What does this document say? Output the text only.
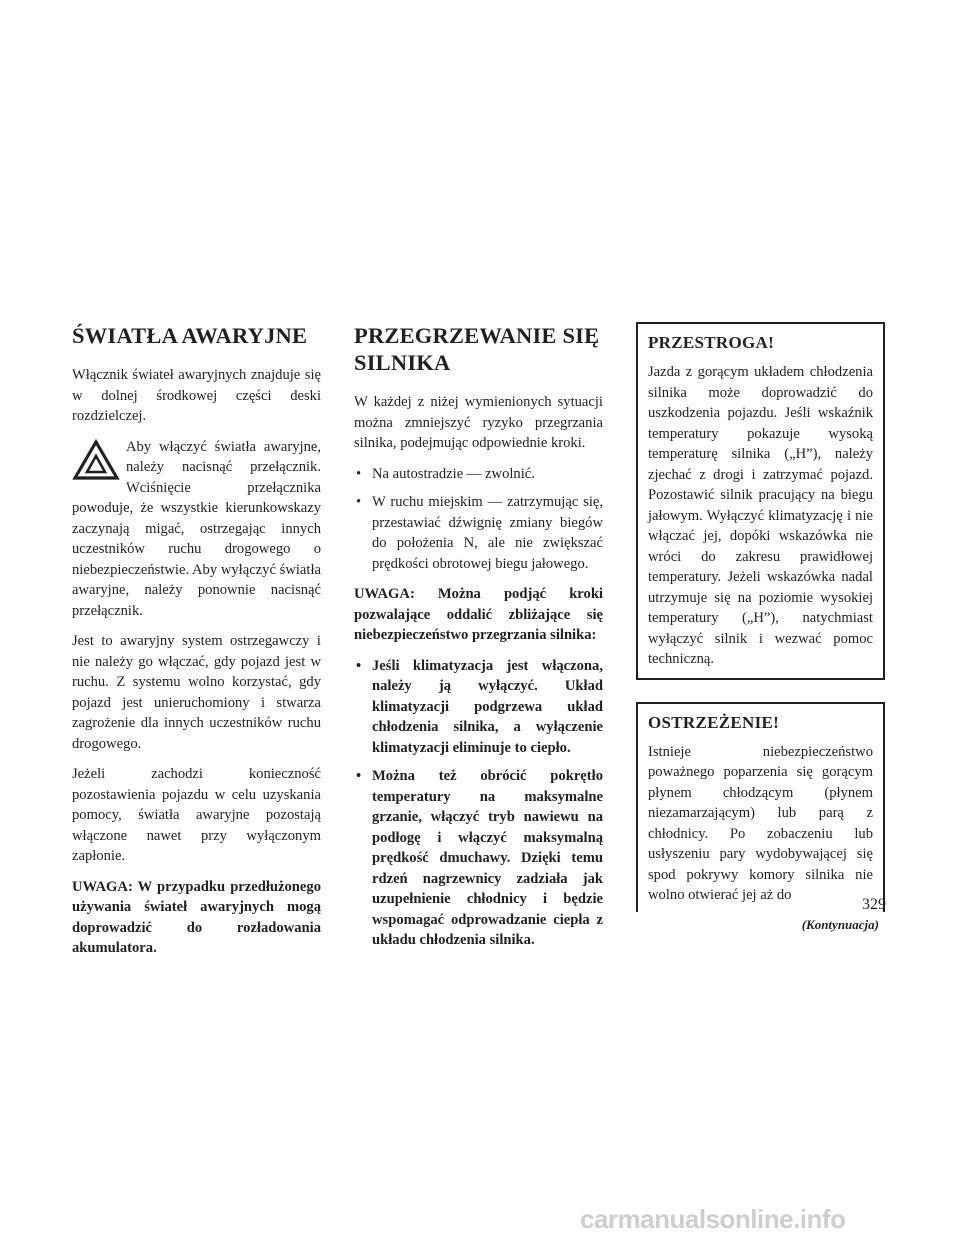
ŚWIATŁA AWARYJNE

Włącznik świateł awaryjnych znajduje się w dolnej środkowej części deski rozdzielczej.

Aby włączyć światła awaryjne, należy nacisnąć przełącznik. Wciśnięcie przełącznika powoduje, że wszystkie kierunkowskazy zaczynają migać, ostrzegając innych uczestników ruchu drogowego o niebezpieczeństwie. Aby wyłączyć światła awaryjne, należy ponownie nacisnąć przełącznik.

Jest to awaryjny system ostrzegawczy i nie należy go włączać, gdy pojazd jest w ruchu. Z systemu wolno korzystać, gdy pojazd jest unieruchomiony i stwarza zagrożenie dla innych uczestników ruchu drogowego.

Jeżeli zachodzi konieczność pozostawienia pojazdu w celu uzyskania pomocy, światła awaryjne pozostają włączone nawet przy wyłączonym zapłonie.

UWAGA: W przypadku przedłużonego używania świateł awaryjnych mogą doprowadzić do rozładowania akumulatora.

PRZEGRZEWANIE SIĘ SILNIKA

W każdej z niżej wymienionych sytuacji można zmniejszyć ryzyko przegrzania silnika, podejmując odpowiednie kroki.

• Na autostradzie — zwolnić.
• W ruchu miejskim — zatrzymując się, przestawiać dźwignię zmiany biegów do położenia N, ale nie zwiększać prędkości obrotowej biegu jałowego.

UWAGA: Można podjąć kroki pozwalające oddalić zbliżające się niebezpieczeństwo przegrzania silnika:

• Jeśli klimatyzacja jest włączona, należy ją wyłączyć. Układ klimatyzacji podgrzewa układ chłodzenia silnika, a wyłączenie klimatyzacji eliminuje to ciepło.
• Można też obrócić pokrętło temperatury na maksymalne grzanie, włączyć tryb nawiewu na podłogę i włączyć maksymalną prędkość dmuchawy. Dzięki temu rdzeń nagrzewnicy zadziała jak uzupełnienie chłodnicy i będzie wspomagać odprowadzanie ciepła z układu chłodzenia silnika.
PRZESTROGA!

Jazda z gorącym układem chłodzenia silnika może doprowadzić do uszkodzenia pojazdu. Jeśli wskaźnik temperatury pokazuje wysoką temperaturę silnika („H”), należy zjechać z drogi i zatrzymać pojazd. Pozostawić silnik pracujący na biegu jałowym. Wyłączyć klimatyzację i nie włączać jej, dopóki wskazówka nie wróci do zakresu prawidłowej temperatury. Jeżeli wskazówka nadal utrzymuje się na poziomie wysokiej temperatury („H”), natychmiast wyłączyć silnik i wezwać pomoc techniczną.

OSTRZEŻENIE!

Istnieje niebezpieczeństwo poważnego poparzenia się gorącym płynem chłodzącym (płynem niezamarzającym) lub parą z chłodnicy. Po zobaczeniu lub usłyszeniu pary wydobywającej się spod pokrywy komory silnika nie wolno otwierać jej aż do

(Kontynuacja)
329
carmanualsonline.info
